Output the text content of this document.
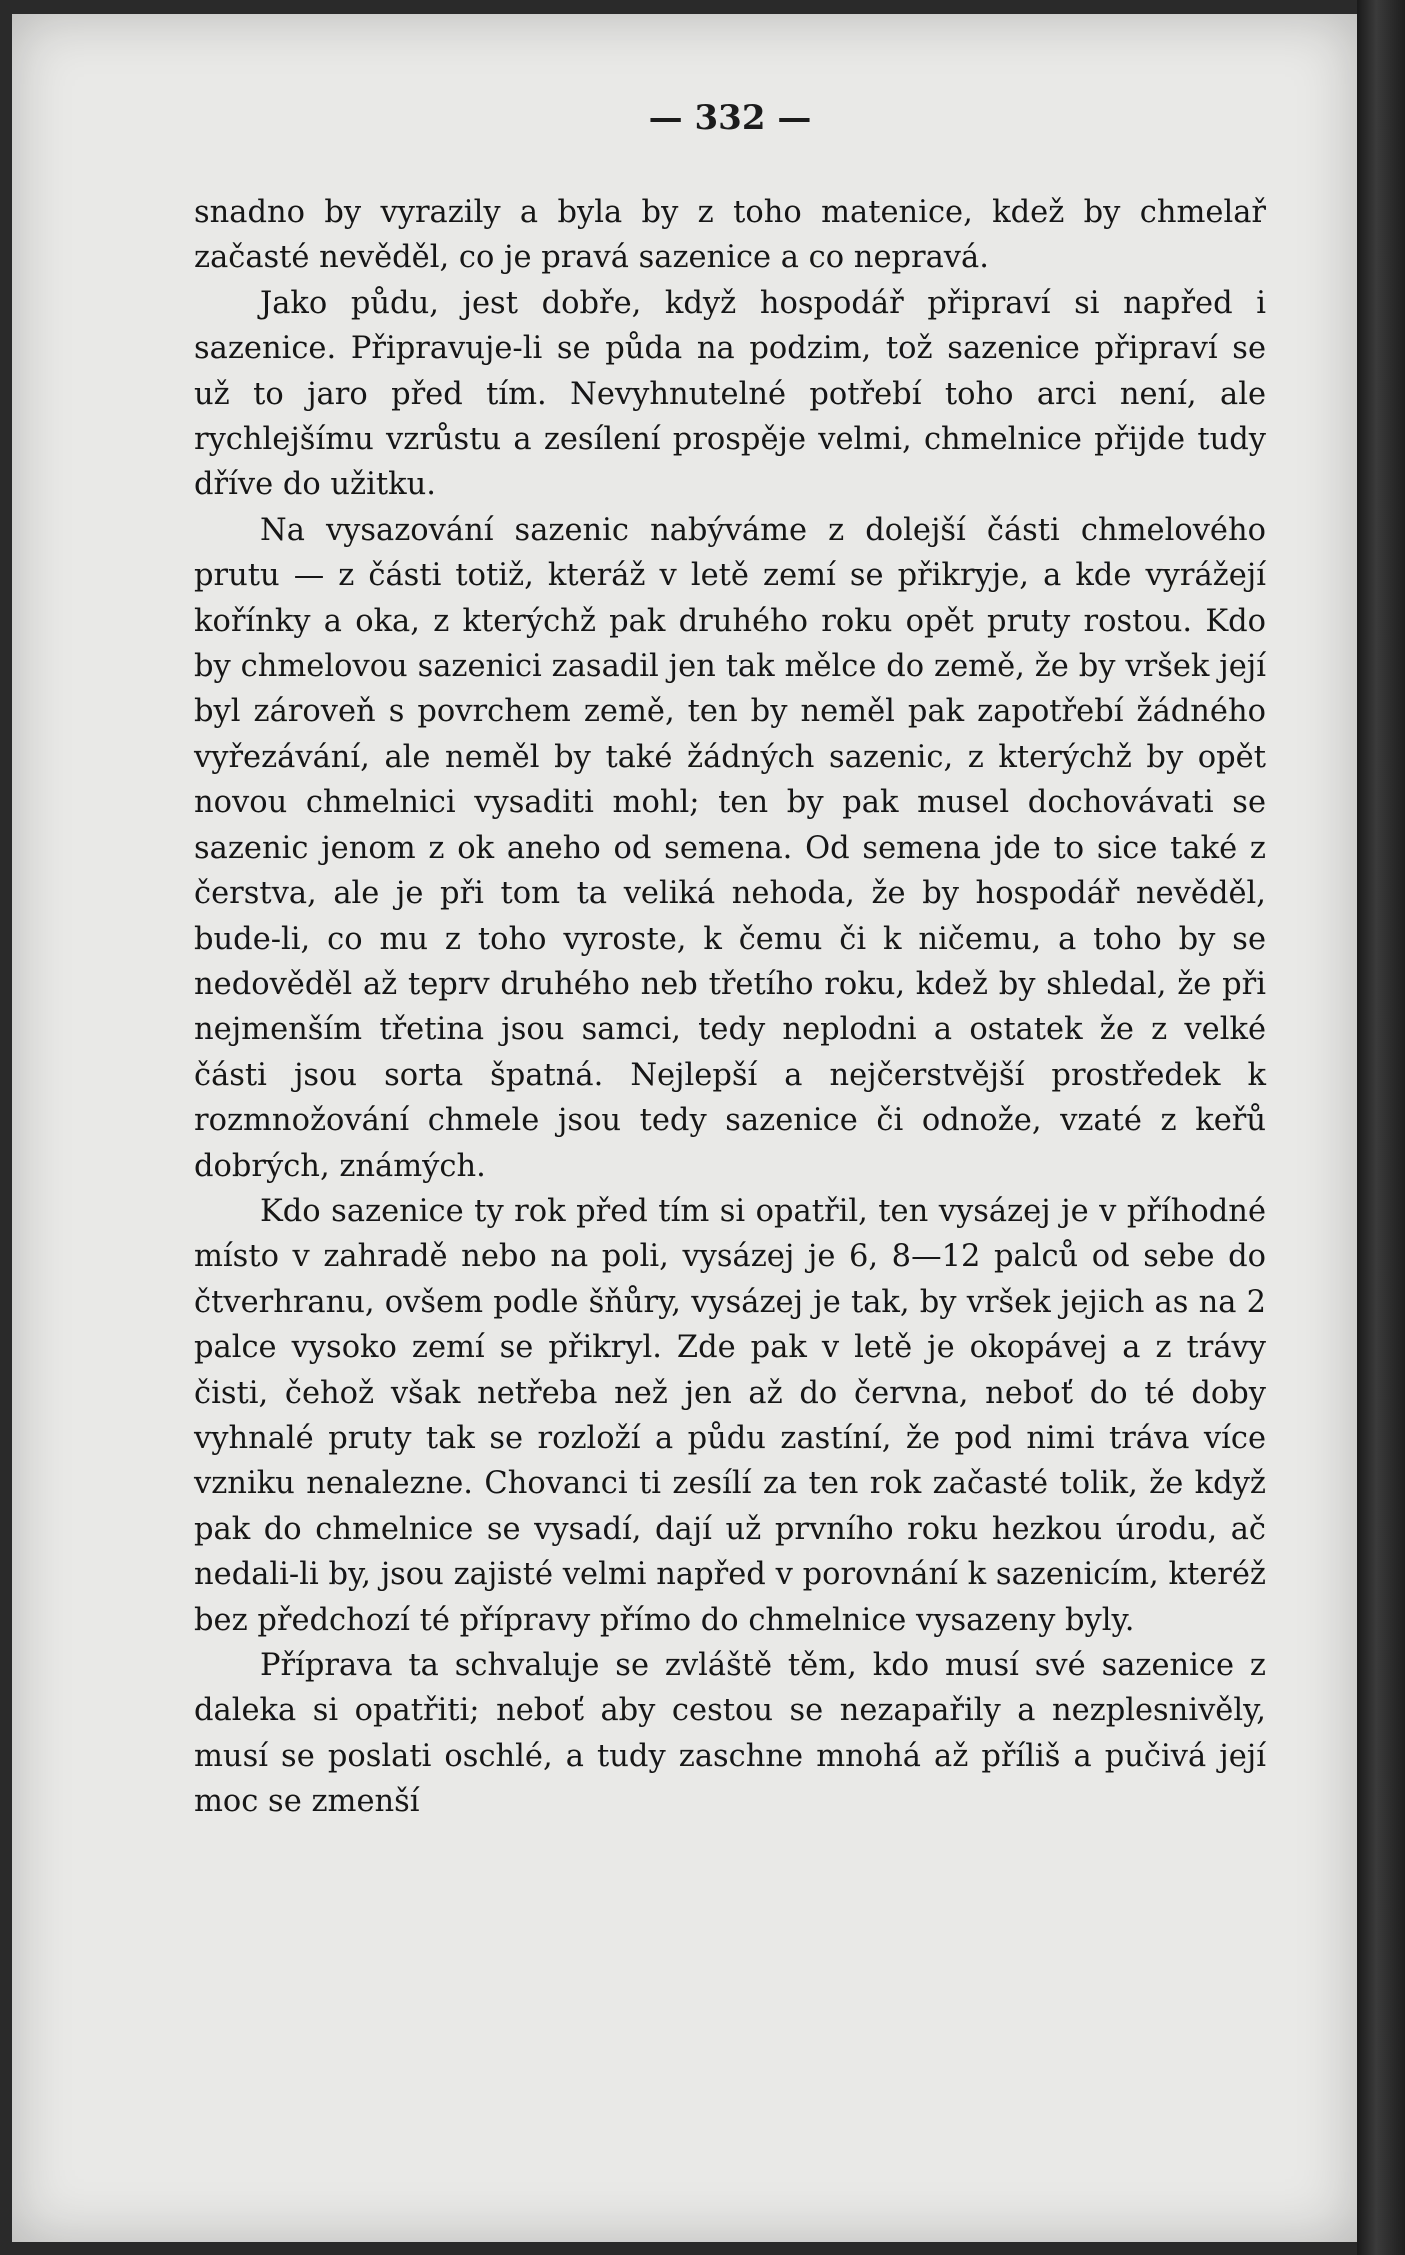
— 332 —

snadno by vyrazily a byla by z toho matenice, kdež by chmelař začasté nevěděl, co je pravá sazenice a co nepravá.

Jako půdu, jest dobře, když hospodář připraví si napřed i sazenice. Připravuje-li se půda na podzim, tož sazenice připraví se už to jaro před tím. Nevyhnutelné potřebí toho arci není, ale rychlejšímu vzrůstu a zesílení prospěje velmi, chmelnice přijde tudy dříve do užitku.

Na vysazování sazenic nabýváme z dolejší části chmelového prutu — z části totiž, kteráž v letě zemí se přikryje, a kde vyrážejí kořínky a oka, z kterýchž pak druhého roku opět pruty rostou. Kdo by chmelovou sazenici zasadil jen tak mělce do země, že by vršek její byl zároveň s povrchem země, ten by neměl pak zapotřebí žádného vyřezávání, ale neměl by také žádných sazenic, z kterýchž by opět novou chmelnici vysaditi mohl; ten by pak musel dochovávati se sazenic jenom z ok aneho od semena. Od semena jde to sice také z čerstva, ale je při tom ta veliká nehoda, že by hospodář nevěděl, bude-li, co mu z toho vyroste, k čemu či k ničemu, a toho by se nedověděl až teprv druhého neb třetího roku, kdež by shledal, že při nejmenším třetina jsou samci, tedy neplodni a ostatek že z velké části jsou sorta špatná. Nejlepší a nejčerstvější prostředek k rozmnožování chmele jsou tedy sazenice či odnože, vzaté z keřů dobrých, známých.

Kdo sazenice ty rok před tím si opatřil, ten vysázej je v příhodné místo v zahradě nebo na poli, vysázej je 6, 8—12 palců od sebe do čtverhranu, ovšem podle šňůry, vysázej je tak, by vršek jejich as na 2 palce vysoko zemí se přikryl. Zde pak v letě je okopávej a z trávy čisti, čehož však netřeba než jen až do června, neboť do té doby vyhnalé pruty tak se rozloží a půdu zastíní, že pod nimi tráva více vzniku nenalezne. Chovanci ti zesílí za ten rok začasté tolik, že když pak do chmelnice se vysadí, dají už prvního roku hezkou úrodu, ač nedali-li by, jsou zajisté velmi napřed v porovnání k sazenicím, kteréž bez předchozí té přípravy přímo do chmelnice vysazeny byly.

Příprava ta schvaluje se zvláště těm, kdo musí své sazenice z daleka si opatřiti; neboť aby cestou se nezapařily a nezplesnivěly, musí se poslati oschlé, a tudy zaschne mnohá až příliš a pučivá její moc se zmenší
